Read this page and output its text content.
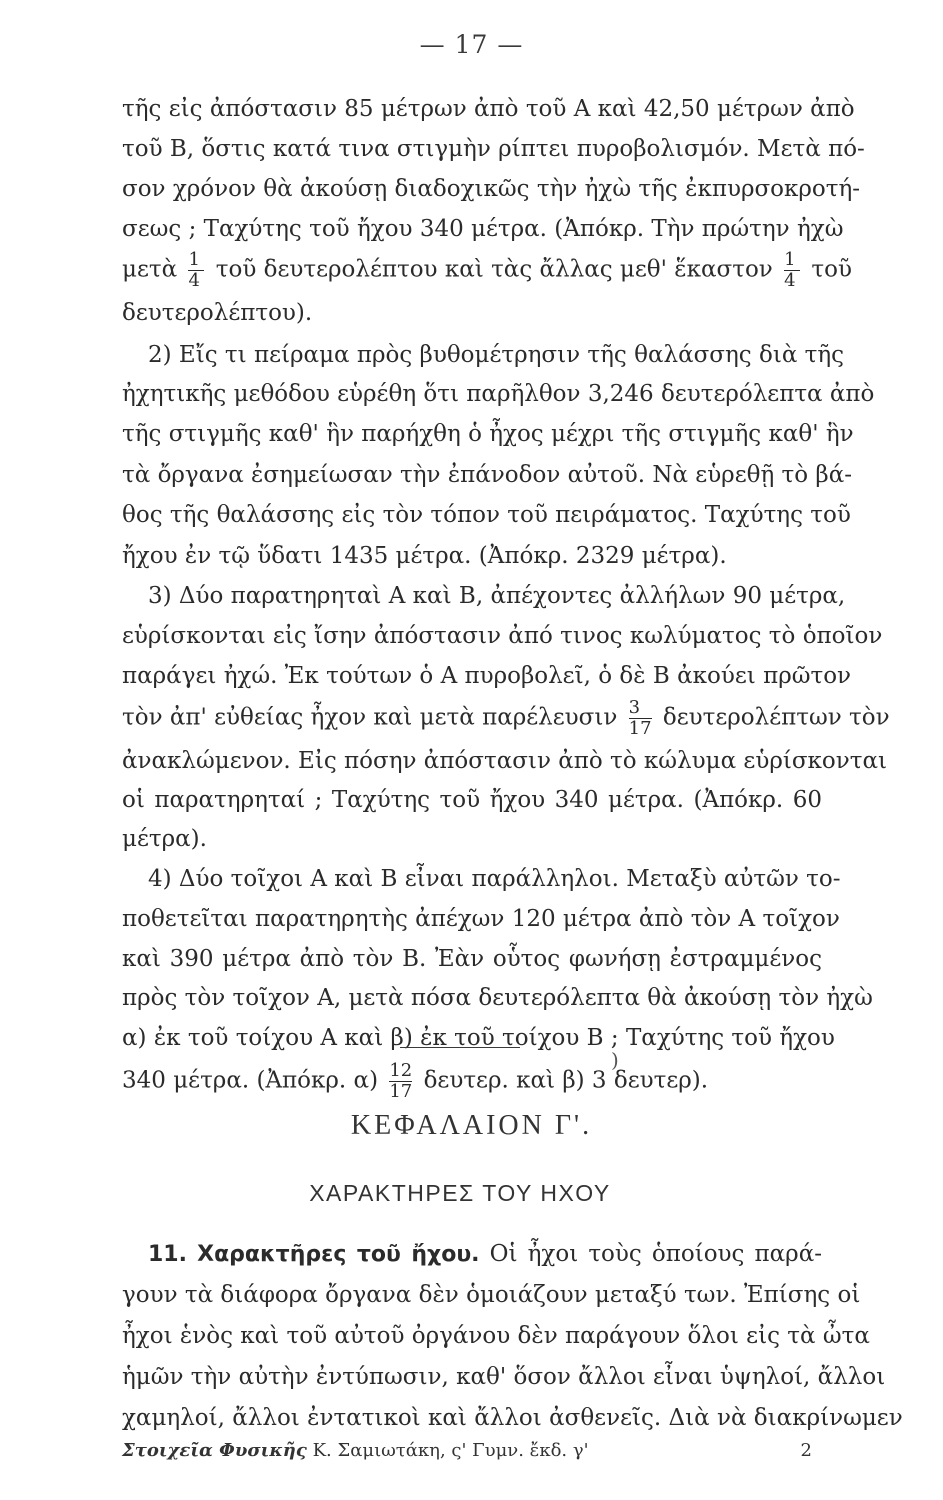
— 17 —

τῆς εἰς ἀπόστασιν 85 μέτρων ἀπὸ τοῦ Α καὶ 42,50 μέτρων ἀπὸ

τοῦ Β, ὅστις κατά τινα στιγμὴν ρίπτει πυροβολισμόν. Μετὰ πό-

σον χρόνον θὰ ἀκούσῃ διαδοχικῶς τὴν ἠχὼ τῆς ἐκπυρσοκροτή-

σεως ; Ταχύτης τοῦ ἤχου 340 μέτρα. (Ἀπόκρ. Τὴν πρώτην ἠχὼ

μετὰ $\frac{1}{4}$ τοῦ δευτερολέπτου καὶ τὰς ἄλλας μεθ' ἕκαστον $\frac{1}{4}$ τοῦ

δευτερολέπτου).

2) Εἴς τι πείραμα πρὸς βυθομέτρησιν τῆς θαλάσσης διὰ τῆς

ἠχητικῆς μεθόδου εὑρέθη ὅτι παρῆλθον 3,246 δευτερόλεπτα ἀπὸ

τῆς στιγμῆς καθ' ἣν παρήχθη ὁ ἦχος μέχρι τῆς στιγμῆς καθ' ἣν

τὰ ὄργανα ἐσημείωσαν τὴν ἐπάνοδον αὐτοῦ. Νὰ εὑρεθῇ τὸ βά-

θος τῆς θαλάσσης εἰς τὸν τόπον τοῦ πειράματος. Ταχύτης τοῦ

ἤχου ἐν τῷ ὕδατι 1435 μέτρα. (Ἀπόκρ. 2329 μέτρα).

3) Δύο παρατηρηταὶ Α καὶ Β, ἀπέχοντες ἀλλήλων 90 μέτρα,

εὑρίσκονται εἰς ἴσην ἀπόστασιν ἀπό τινος κωλύματος τὸ ὁποῖον

παράγει ἠχώ. Ἐκ τούτων ὁ Α πυροβολεῖ, ὁ δὲ Β ἀκούει πρῶτον

τὸν ἀπ' εὐθείας ἦχον καὶ μετὰ παρέλευσιν $\frac{3}{17}$ δευτερολέπτων τὸν

ἀνακλώμενον. Εἰς πόσην ἀπόστασιν ἀπὸ τὸ κώλυμα εὑρίσκονται

οἱ παρατηρηταί ; Ταχύτης τοῦ ἤχου 340 μέτρα. (Ἀπόκρ. 60

μέτρα).

4) Δύο τοῖχοι Α καὶ Β εἶναι παράλληλοι. Μεταξὺ αὐτῶν το-

ποθετεῖται παρατηρητὴς ἀπέχων 120 μέτρα ἀπὸ τὸν Α τοῖχον

καὶ 390 μέτρα ἀπὸ τὸν Β. Ἐὰν οὗτος φωνήσῃ ἐστραμμένος

πρὸς τὸν τοῖχον Α, μετὰ πόσα δευτερόλεπτα θὰ ἀκούσῃ τὸν ἠχὼ

α) ἐκ τοῦ τοίχου Α καὶ β) ἐκ τοῦ τοίχου Β ; Ταχύτης τοῦ ἤχου

340 μέτρα. (Ἀπόκρ. $\alpha) \frac{12}{17} \delta\varepsilon\upsilon\tau\varepsilon\rho$. καὶ β) 3 δευτερ).

)
ΚΕΦΑΛΑΙΟΝ Γ'.
ΧΑΡΑΚΤΗΡΕΣ ΤΟΥ ΗΧΟΥ

11. Χαρακτῆρες τοῦ ἤχου. Οἱ ἦχοι τοὺς ὁποίους παρά-

γουν τὰ διάφορα ὄργανα δὲν ὁμοιάζουν μεταξύ των. Ἐπίσης οἱ

ἦχοι ἑνὸς καὶ τοῦ αὐτοῦ ὀργάνου δὲν παράγουν ὅλοι εἰς τὰ ὦτα

ἡμῶν τὴν αὐτὴν ἐντύπωσιν, καθ' ὅσον ἄλλοι εἶναι ὑψηλοί, ἄλλοι

χαμηλοί, ἄλλοι ἐντατικοὶ καὶ ἄλλοι ἀσθενεῖς. Διὰ νὰ διακρίνωμεν

Στοιχεῖα Φυσικῆς Κ. Σαμιωτάκη, ς' Γυμν. ἔκδ. γ'	2
